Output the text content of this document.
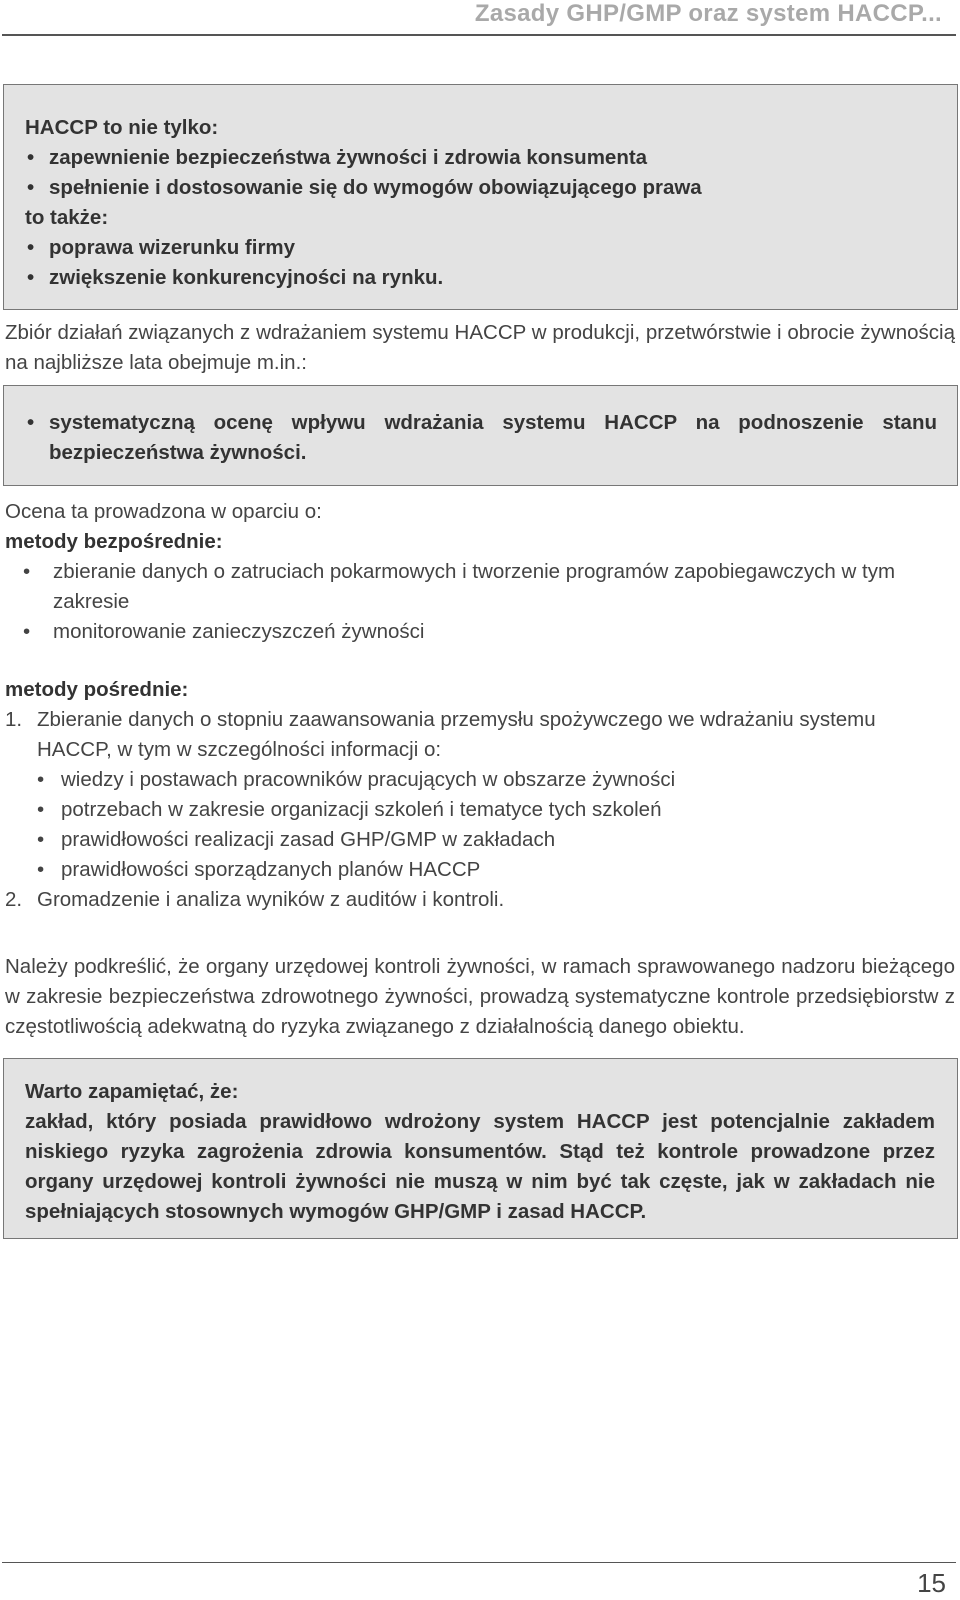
Zasady GHP/GMP oraz system HACCP...
HACCP to nie tylko:
• zapewnienie bezpieczeństwa żywności i zdrowia konsumenta
• spełnienie i dostosowanie się do wymogów obowiązującego prawa
to także:
• poprawa wizerunku firmy
• zwiększenie konkurencyjności na rynku.
Zbiór działań związanych z wdrażaniem systemu HACCP w produkcji, przetwórstwie i obrocie żywnością na najbliższe lata obejmuje m.in.:
• systematyczną ocenę wpływu wdrażania systemu HACCP na podnoszenie stanu bezpieczeństwa żywności.
Ocena ta prowadzona w oparciu o:
metody bezpośrednie:
• zbieranie danych o zatruciach pokarmowych i tworzenie programów zapobiegawczych w tym zakresie
• monitorowanie zanieczyszczeń żywności
metody pośrednie:
1. Zbieranie danych o stopniu zaawansowania przemysłu spożywczego we wdrażaniu systemu HACCP, w tym w szczególności informacji o:
• wiedzy i postawach pracowników pracujących w obszarze żywności
• potrzebach w zakresie organizacji szkoleń i tematyce tych szkoleń
• prawidłowości realizacji zasad GHP/GMP w zakładach
• prawidłowości sporządzanych planów HACCP
2. Gromadzenie i analiza wyników z auditów i kontroli.
Należy podkreślić, że organy urzędowej kontroli żywności, w ramach sprawowanego nadzoru bieżącego w zakresie bezpieczeństwa zdrowotnego żywności, prowadzą systematyczne kontrole przedsiębiorstw z częstotliwością adekwatną do ryzyka związanego z działalnością danego obiektu.
Warto zapamiętać, że:
zakład, który posiada prawidłowo wdrożony system HACCP jest potencjalnie zakładem niskiego ryzyka zagrożenia zdrowia konsumentów. Stąd też kontrole prowadzone przez organy urzędowej kontroli żywności nie muszą w nim być tak częste, jak w zakładach nie spełniających stosownych wymogów GHP/GMP i zasad HACCP.
15
